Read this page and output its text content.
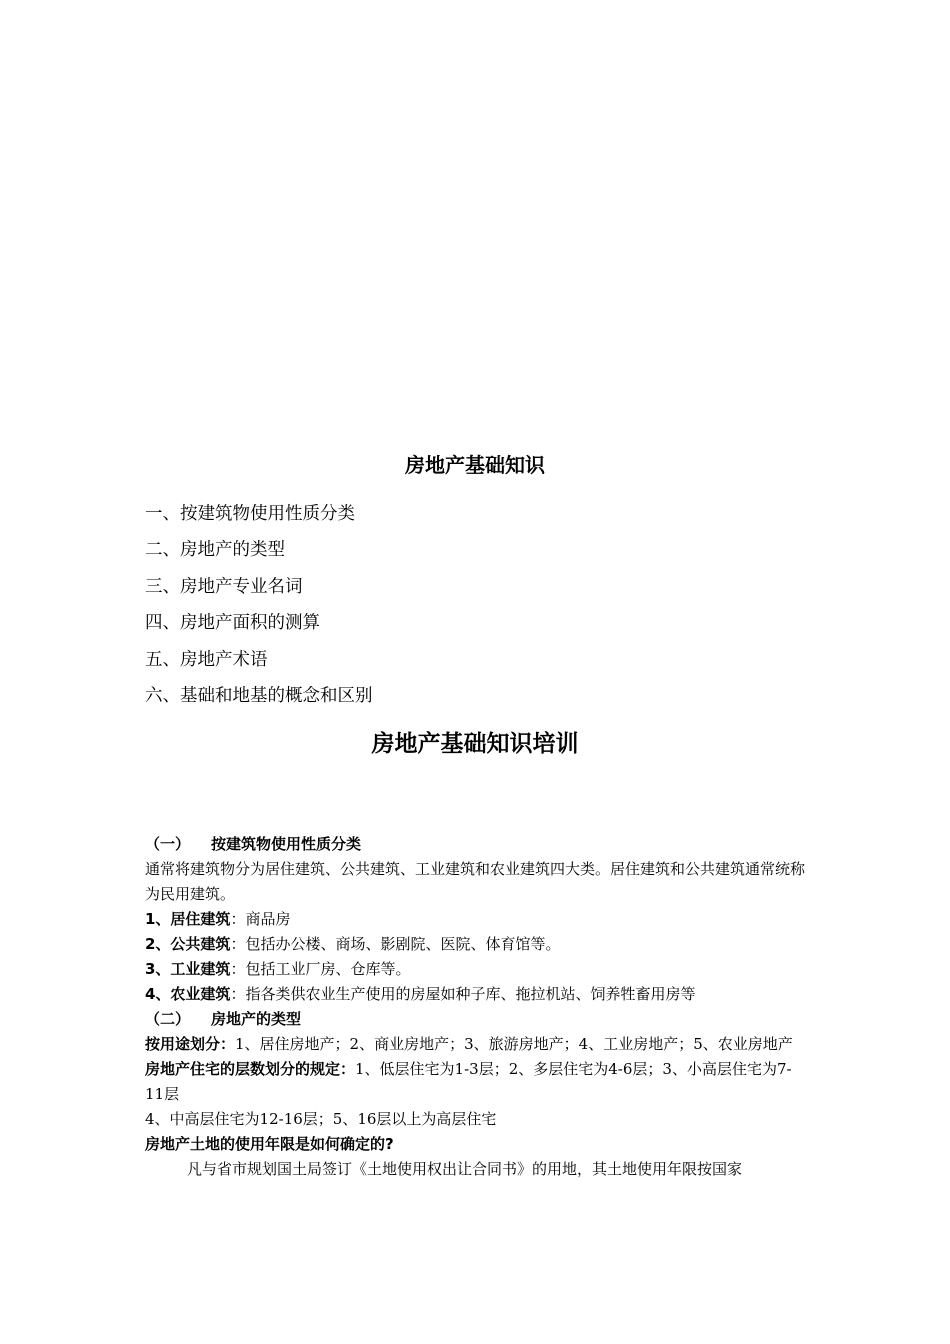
房地产基础知识
一、按建筑物使用性质分类
二、房地产的类型
三、房地产专业名词
四、房地产面积的测算
五、房地产术语
六、基础和地基的概念和区别
房地产基础知识培训

（一） 按建筑物使用性质分类

通常将建筑物分为居住建筑、公共建筑、工业建筑和农业建筑四大类。居住建筑和公共建筑通常统称为民用建筑。

1、居住建筑：商品房

2、公共建筑：包括办公楼、商场、影剧院、医院、体育馆等。

3、工业建筑：包括工业厂房、仓库等。

4、农业建筑：指各类供农业生产使用的房屋如种子库、拖拉机站、饲养牲畜用房等

（二） 房地产的类型

按用途划分：1、居住房地产；2、商业房地产；3、旅游房地产；4、工业房地产；5、农业房地产

房地产住宅的层数划分的规定：1、低层住宅为1-3层；2、多层住宅为4-6层；3、小高层住宅为7-11层

4、中高层住宅为12-16层；5、16层以上为高层住宅

房地产土地的使用年限是如何确定的?

凡与省市规划国土局签订《土地使用权出让合同书》的用地，其土地使用年限按国家
